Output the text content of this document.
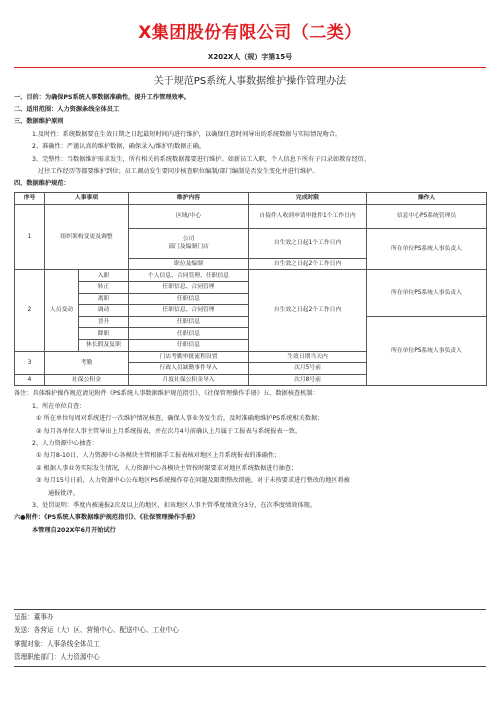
X集团股份有限公司（二类）
X202X人（规）字第15号
关于规范PS系统人事数据维护操作管理办法
一、目的：为确保PS系统人事数据准确性，提升工作管理效率。
二、适用范围：人力资源条线全体员工
三、数据维护原则
1.及时性：系统数据要在生效日期之日起最短时间内进行维护，以确保任意时间导出的系统数据与实际情况吻合。
2、准确性：严谨认真的维护数据，确保录入/维护的数据正确。
3、完整性：当数据维护需求发生，所有相关的系统数据都要进行维护。如新员工入职，个人信息下所有子目录如教育经历、
过往工作经历等都要维护到位；员工调动发生要同步核查职位编制/部门编制是否发生变化并进行维护。
四、数据维护规范：
序号	人事事项		维护内容	完成时限	操作人
1	组织架构变更及调整		区域/中心	自接件人收到申请审批件1个工作日内	信息中心PS系统管理员
			公司
部门及编制门店	自生效之日起1个工作日内	所在单位PS系统人事负责人
			职位及编制	自生效之日起2个工作日内	
2	人员变动	入职	个人信息、合同管理、任职信息	自生效之日起2个工作日内	所在单位PS系统人事负责人
		转正	任职信息、合同管理		
		离职	任职信息		
		调动	任职信息、合同管理		
		晋升	任职信息		所在单位PS系统人事负责人
		降职	任职信息		
		休长假及复职	任职信息		
3	考勤		门店考勤审批流程设置	生效日期当天内	
			行政人员缺勤事件导入	次月5号前	
4	社保公积金		月度社保公积金导入	次月8号前	
备注：具体维护操作规范请见附件《PS系统人事数据维护规范指引》、《社保管理操作手册》五、数据核查机制：
1、所在单位自查：
① 所在单位每周对系统进行一次维护情况核查，确保人事业务发生后，及时准确地维护PS系统相关数据；
② 每月各单位人事主管导出上月系统报表，并在次月4号前确认上月属于工报表与系统报表一致。
2、人力资源中心抽查：
① 每月8-10日，人力资源中心各模块主管根据手工报表核对地区上月系统报表的准确性；
② 根据人事业务实际发生情况，人力资源中心各模块主管按时限要求对地区系统数据进行抽查；
③ 每月15号日前，人力资源中心公布地区PS系统操作存在问题及限期整改措施，对于未按要求进行整改的地区将被
通报批评。
3、处罚说明：季度内被通报2次及以上的地区，扣该地区人事主管季度绩效分3分，在次季度绩效体现。
六●附件：《PS系统人事数据维护规范指引》、《社保管理操作手册》
本管理自202X年6月开始试行
呈报：董事办
发送：各营运（大）区、营销中心、配送中心、工业中心
掌握对象：人事条线全体员工
管理职能部门：人力资源中心
